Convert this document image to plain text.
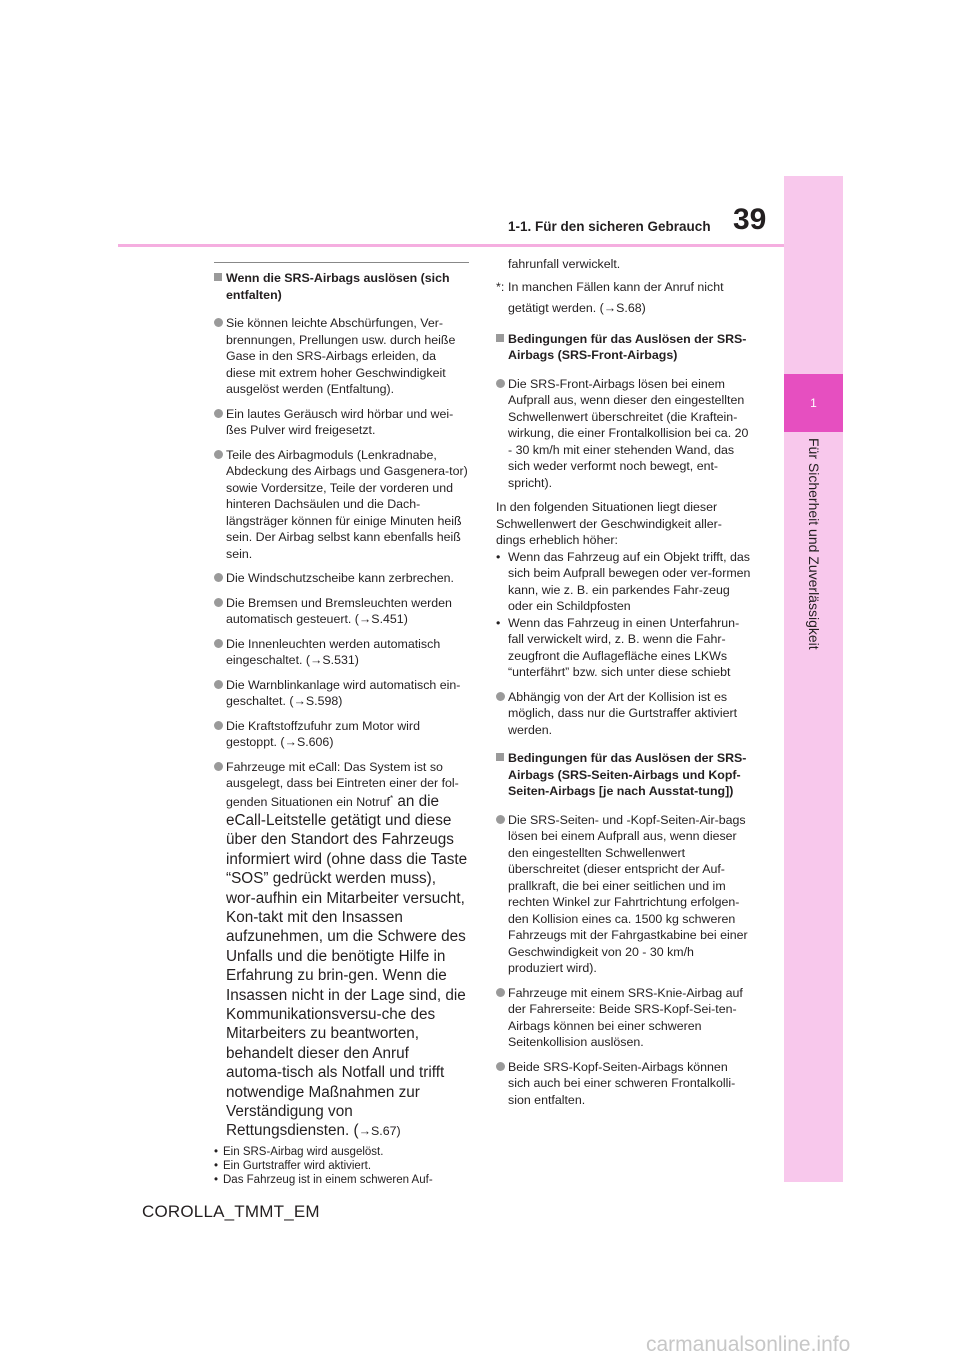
1
Für Sicherheit und Zuverlässigkeit
39
1-1. Für den sicheren Gebrauch
Wenn die SRS-Airbags auslösen (sich entfalten)
Sie können leichte Abschürfungen, Ver-brennungen, Prellungen usw. durch heiße Gase in den SRS-Airbags erleiden, da diese mit extrem hoher Geschwindigkeit ausgelöst werden (Entfaltung).
Ein lautes Geräusch wird hörbar und wei-ßes Pulver wird freigesetzt.
Teile des Airbagmoduls (Lenkradnabe, Abdeckung des Airbags und Gasgenera-tor) sowie Vordersitze, Teile der vorderen und hinteren Dachsäulen und die Dach-längsträger können für einige Minuten heiß sein. Der Airbag selbst kann ebenfalls heiß sein.
Die Windschutzscheibe kann zerbrechen.
Die Bremsen und Bremsleuchten werden automatisch gesteuert. (→S.451)
Die Innenleuchten werden automatisch eingeschaltet. (→S.531)
Die Warnblinkanlage wird automatisch ein-geschaltet. (→S.598)
Die Kraftstoffzufuhr zum Motor wird gestoppt. (→S.606)
Fahrzeuge mit eCall: Das System ist so ausgelegt, dass bei Eintreten einer der fol-genden Situationen ein Notruf* an die eCall-Leitstelle getätigt und diese über den Standort des Fahrzeugs informiert wird (ohne dass die Taste “SOS” gedrückt werden muss), wor-aufhin ein Mitarbeiter versucht, Kon-takt mit den Insassen aufzunehmen, um die Schwere des Unfalls und die benötigte Hilfe in Erfahrung zu brin-gen. Wenn die Insassen nicht in der Lage sind, die Kommunikationsversu-che des Mitarbeiters zu beantworten, behandelt dieser den Anruf automa-tisch als Notfall und trifft notwendige Maßnahmen zur Verständigung von Rettungsdiensten. (→S.67)
• Ein SRS-Airbag wird ausgelöst.
• Ein Gurtstraffer wird aktiviert.
• Das Fahrzeug ist in einem schweren Auf-
fahrunfall verwickelt.
*: In manchen Fällen kann der Anruf nicht getätigt werden. (→S.68)
Bedingungen für das Auslösen der SRS-Airbags (SRS-Front-Airbags)
Die SRS-Front-Airbags lösen bei einem Aufprall aus, wenn dieser den eingestellten Schwellenwert überschreitet (die Kraftein-wirkung, die einer Frontalkollision bei ca. 20 - 30 km/h mit einer stehenden Wand, das sich weder verformt noch bewegt, ent-spricht).
In den folgenden Situationen liegt dieser Schwellenwert der Geschwindigkeit aller-dings erheblich höher:
• Wenn das Fahrzeug auf ein Objekt trifft, das sich beim Aufprall bewegen oder ver-formen kann, wie z. B. ein parkendes Fahr-zeug oder ein Schildpfosten
• Wenn das Fahrzeug in einen Unterfahrun-fall verwickelt wird, z. B. wenn die Fahr-zeugfront die Auflagefläche eines LKWs “unterfährt” bzw. sich unter diese schiebt
Abhängig von der Art der Kollision ist es möglich, dass nur die Gurtstraffer aktiviert werden.
Bedingungen für das Auslösen der SRS-Airbags (SRS-Seiten-Airbags und Kopf-Seiten-Airbags [je nach Ausstat-tung])
Die SRS-Seiten- und -Kopf-Seiten-Air-bags lösen bei einem Aufprall aus, wenn dieser den eingestellten Schwellenwert überschreitet (dieser entspricht der Auf-prallkraft, die bei einer seitlichen und im rechten Winkel zur Fahrtrichtung erfolgen-den Kollision eines ca. 1500 kg schweren Fahrzeugs mit der Fahrgastkabine bei einer Geschwindigkeit von 20 - 30 km/h produziert wird).
Fahrzeuge mit einem SRS-Knie-Airbag auf der Fahrerseite: Beide SRS-Kopf-Sei-ten-Airbags können bei einer schweren Seitenkollision auslösen.
Beide SRS-Kopf-Seiten-Airbags können sich auch bei einer schweren Frontalkolli-sion entfalten.
COROLLA_TMMT_EM
carmanualsonline.info
